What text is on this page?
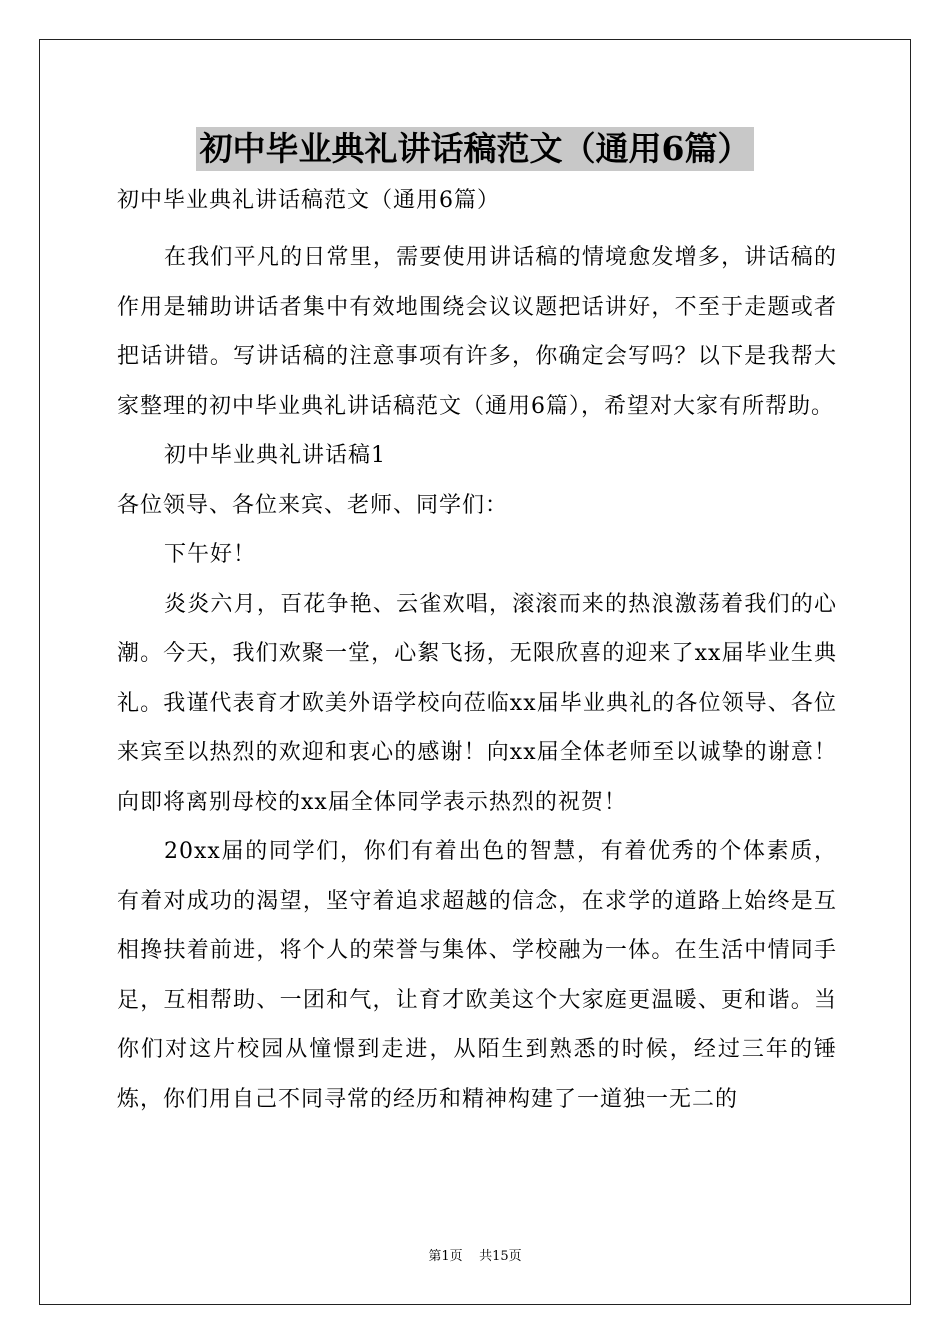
初中毕业典礼讲话稿范文（通用6篇）

初中毕业典礼讲话稿范文（通用6篇）

在我们平凡的日常里，需要使用讲话稿的情境愈发增多，讲话稿的作用是辅助讲话者集中有效地围绕会议议题把话讲好，不至于走题或者把话讲错。写讲话稿的注意事项有许多，你确定会写吗？以下是我帮大家整理的初中毕业典礼讲话稿范文（通用6篇），希望对大家有所帮助。

初中毕业典礼讲话稿1

各位领导、各位来宾、老师、同学们：

下午好！

炎炎六月，百花争艳、云雀欢唱，滚滚而来的热浪激荡着我们的心潮。今天，我们欢聚一堂，心絮飞扬，无限欣喜的迎来了xx届毕业生典礼。我谨代表育才欧美外语学校向莅临xx届毕业典礼的各位领导、各位来宾至以热烈的欢迎和衷心的感谢！向xx届全体老师至以诚挚的谢意！向即将离别母校的xx届全体同学表示热烈的祝贺！

20xx届的同学们，你们有着出色的智慧，有着优秀的个体素质，有着对成功的渴望，坚守着追求超越的信念，在求学的道路上始终是互相搀扶着前进，将个人的荣誉与集体、学校融为一体。在生活中情同手足，互相帮助、一团和气，让育才欧美这个大家庭更温暖、更和谐。当你们对这片校园从憧憬到走进，从陌生到熟悉的时候，经过三年的锤炼，你们用自己不同寻常的经历和精神构建了一道独一无二的

第1页 共15页
